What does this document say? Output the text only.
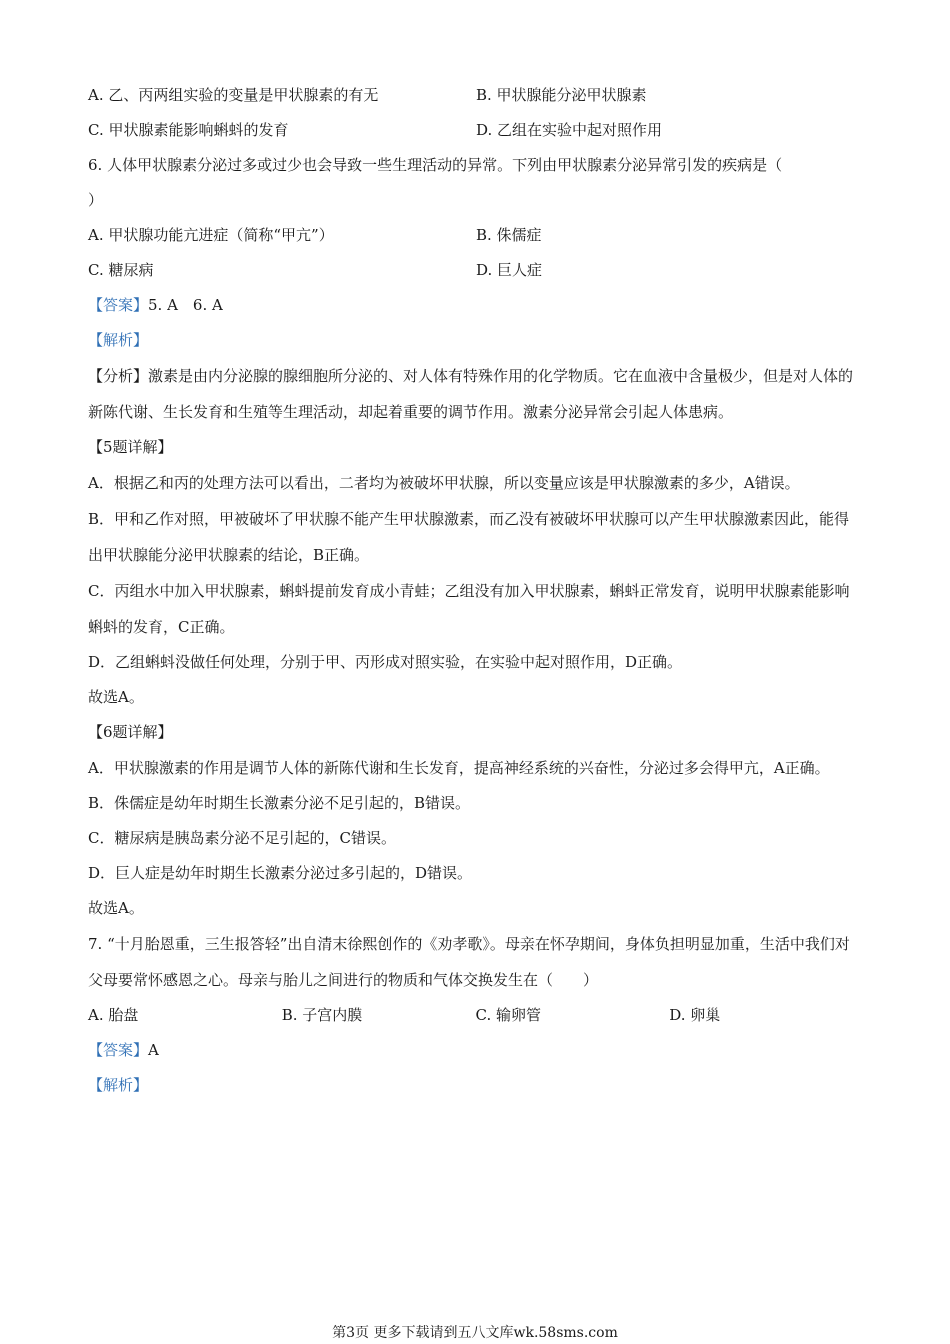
A. 乙、丙两组实验的变量是甲状腺素的有无	B. 甲状腺能分泌甲状腺素
C. 甲状腺素能影响蝌蚪的发育	D. 乙组在实验中起对照作用
6. 人体甲状腺素分泌过多或过少也会导致一些生理活动的异常。下列由甲状腺素分泌异常引发的疾病是（
）
A. 甲状腺功能亢进症（简称“甲亢”）	B. 侏儒症
C. 糖尿病	D. 巨人症
【答案】5. A　6. A
【解析】
【分析】激素是由内分泌腺的腺细胞所分泌的、对人体有特殊作用的化学物质。它在血液中含量极少，但是对人体的新陈代谢、生长发育和生殖等生理活动，却起着重要的调节作用。激素分泌异常会引起人体患病。
【5题详解】
A．根据乙和丙的处理方法可以看出，二者均为被破坏甲状腺，所以变量应该是甲状腺激素的多少，A错误。
B．甲和乙作对照，甲被破坏了甲状腺不能产生甲状腺激素，而乙没有被破坏甲状腺可以产生甲状腺激素因此，能得出甲状腺能分泌甲状腺素的结论，B正确。
C．丙组水中加入甲状腺素，蝌蚪提前发育成小青蛙；乙组没有加入甲状腺素，蝌蚪正常发育，说明甲状腺素能影响蝌蚪的发育，C正确。
D．乙组蝌蚪没做任何处理，分别于甲、丙形成对照实验，在实验中起对照作用，D正确。
故选A。
【6题详解】
A．甲状腺激素的作用是调节人体的新陈代谢和生长发育，提高神经系统的兴奋性，分泌过多会得甲亢，A正确。
B．侏儒症是幼年时期生长激素分泌不足引起的，B错误。
C．糖尿病是胰岛素分泌不足引起的，C错误。
D．巨人症是幼年时期生长激素分泌过多引起的，D错误。
故选A。
7. “十月胎恩重，三生报答轻”出自清末徐熙创作的《劝孝歌》。母亲在怀孕期间，身体负担明显加重，生活中我们对父母要常怀感恩之心。母亲与胎儿之间进行的物质和气体交换发生在（　　）
A. 胎盘	B. 子宫内膜	C. 输卵管	D. 卵巢
【答案】A
【解析】
第3页 更多下载请到五八文库wk.58sms.com
